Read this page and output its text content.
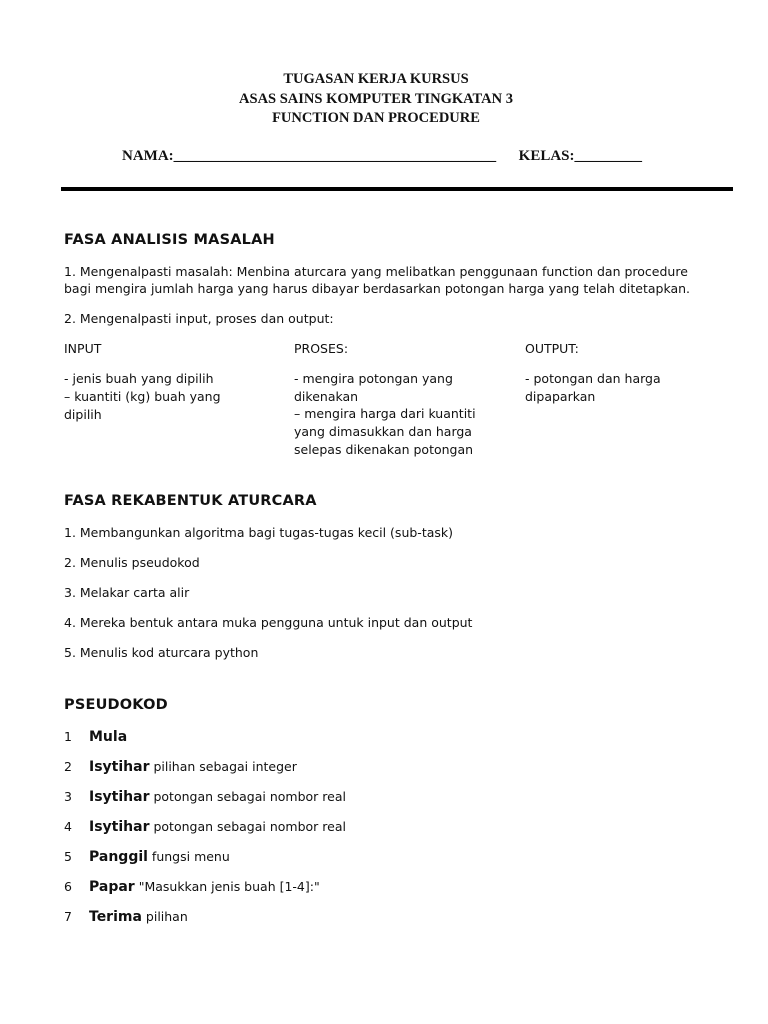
TUGASAN KERJA KURSUS
ASAS SAINS KOMPUTER TINGKATAN 3
FUNCTION DAN PROCEDURE
NAMA:___________________________________________      KELAS:_________
FASA ANALISIS MASALAH
1. Mengenalpasti masalah: Menbina aturcara yang melibatkan penggunaan function dan procedure
bagi mengira jumlah harga yang harus dibayar berdasarkan potongan harga yang telah ditetapkan.
2. Mengenalpasti input, proses dan output:
INPUT	PROSES:	OUTPUT:
- jenis buah yang dipilih
– kuantiti (kg) buah yang
dipilih
- mengira potongan yang
dikenakan
– mengira harga dari kuantiti
yang dimasukkan dan harga
selepas dikenakan potongan
- potongan dan harga
dipaparkan
FASA REKABENTUK ATURCARA
1. Membangunkan algoritma bagi tugas-tugas kecil (sub-task)
2. Menulis pseudokod
3. Melakar carta alir
4. Mereka bentuk antara muka pengguna untuk input dan output
5. Menulis kod aturcara python
PSEUDOKOD
1 Mula
2 Isytihar pilihan sebagai integer
3 Isytihar potongan sebagai nombor real
4 Isytihar potongan sebagai nombor real
5 Panggil fungsi menu
6 Papar "Masukkan jenis buah [1-4]:"
7 Terima pilihan
